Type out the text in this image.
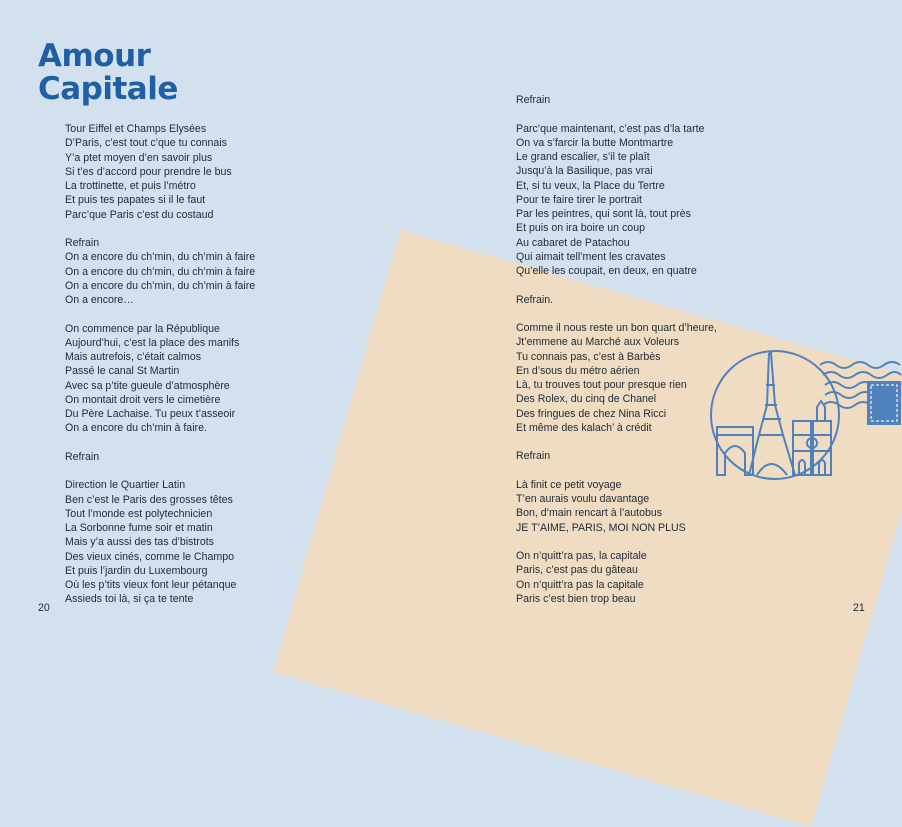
Amour
Capitale
Tour Eiffel et Champs Elysées
D’Paris, c’est tout c’que tu connais
Y’a ptet moyen d’en savoir plus
Si t’es d’accord pour prendre le bus
La trottinette, et puis l’métro
Et puis tes papates si il le faut
Parc’que Paris c’est du costaud
Refrain
On a encore du ch’min, du ch’min à faire
On a encore du ch’min, du ch’min à faire
On a encore du ch’min, du ch’min à faire
On a encore…
On commence par la République
Aujourd’hui, c’est la place des manifs
Mais autrefois, c’était calmos
Passé le canal St Martin
Avec sa p’tite gueule d’atmosphère
On montait droit vers le cimetière
Du Père Lachaise. Tu peux t’asseoir
On a encore du ch’min à faire.
Refrain
Direction le Quartier Latin
Ben c’est le Paris des grosses têtes
Tout l’monde est polytechnicien
La Sorbonne fume soir et matin
Mais y’a aussi des tas d’bistrots
Des vieux cinés, comme le Champo
Et puis l’jardin du Luxembourg
Où les p’tits vieux font leur pétanque
Assieds toi là, si ça te tente
Refrain
Parc’que maintenant, c’est pas d’la tarte
On va s’farcir la butte Montmartre
Le grand escalier, s’il te plaît
Jusqu’à la Basilique, pas vrai
Et, si tu veux, la Place du Tertre
Pour te faire tirer le portrait
Par les peintres, qui sont là, tout près
Et puis on ira boire un coup
Au cabaret de Patachou
Qui aimait tell’ment les cravates
Qu’elle les coupait, en deux, en quatre
Refrain.
Comme il nous reste un bon quart d’heure,
Jt’emmene au Marché aux Voleurs
Tu connais pas, c’est à Barbès
En d’sous du métro aérien
Là, tu trouves tout pour presque rien
Des Rolex, du cinq de Chanel
Des fringues de chez Nina Ricci
Et même des kalach’ à crédit
Refrain
Là finit ce petit voyage
T’en aurais voulu davantage
Bon, d’main rencart à l’autobus
JE T’AIME, PARIS, MOI NON PLUS
On n’quitt’ra pas, la capitale
Paris, c’est pas du gâteau
On n’quitt’ra pas la capitale
Paris c’est bien trop beau
20	21
